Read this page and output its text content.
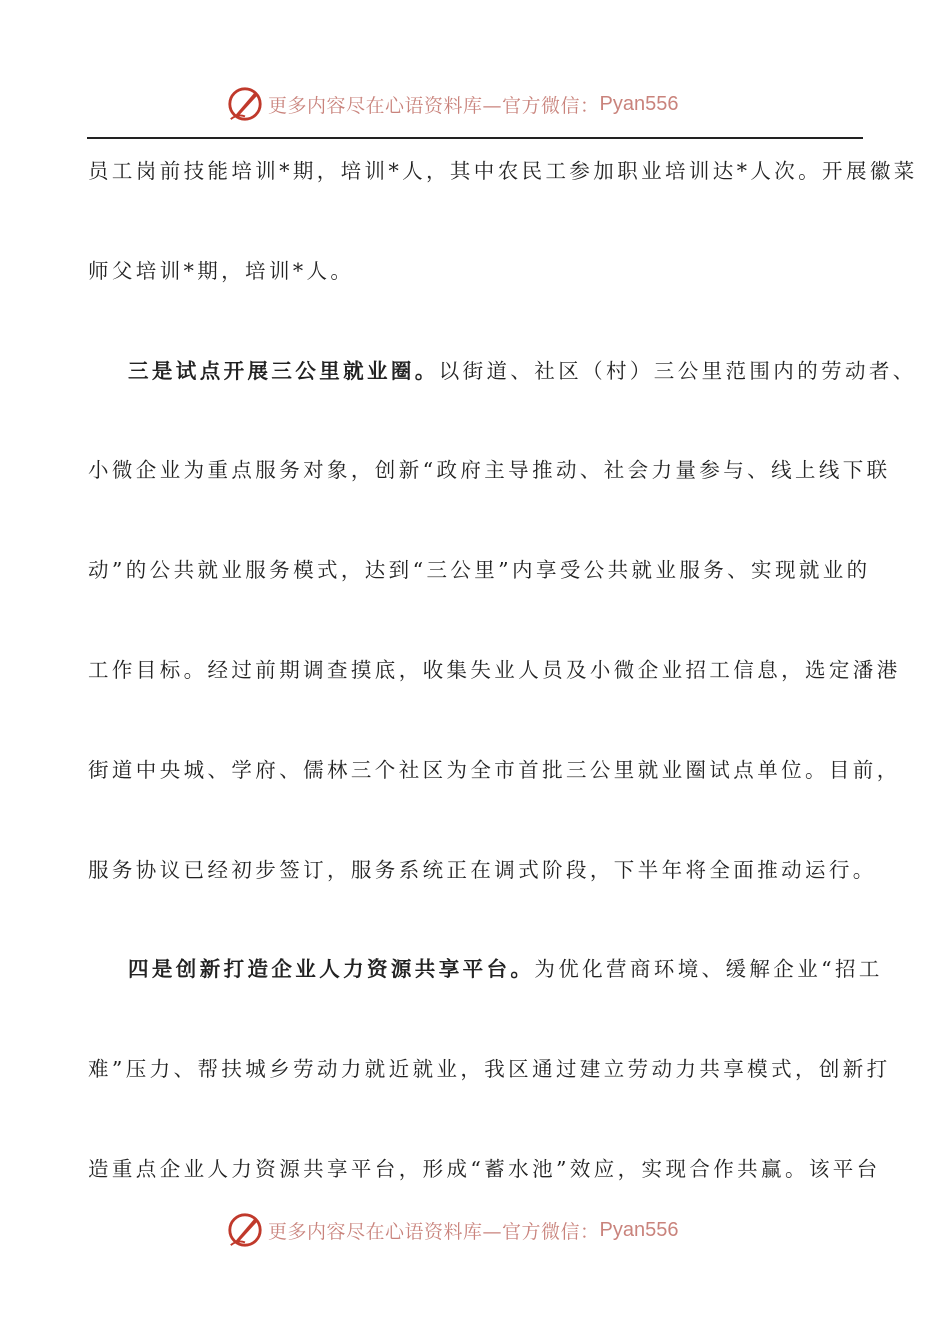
更多内容尽在心语资料库—官方微信： Pyan556
员工岗前技能培训*期，培训*人，其中农民工参加职业培训达*人次。开展徽菜
师父培训*期，培训*人。
三是试点开展三公里就业圈。以街道、社区（村）三公里范围内的劳动者、
小微企业为重点服务对象，创新“政府主导推动、社会力量参与、线上线下联
动”的公共就业服务模式，达到“三公里”内享受公共就业服务、实现就业的
工作目标。经过前期调查摸底，收集失业人员及小微企业招工信息，选定潘港
街道中央城、学府、儒林三个社区为全市首批三公里就业圈试点单位。目前，
服务协议已经初步签订，服务系统正在调式阶段，下半年将全面推动运行。
四是创新打造企业人力资源共享平台。为优化营商环境、缓解企业“招工
难”压力、帮扶城乡劳动力就近就业，我区通过建立劳动力共享模式，创新打
造重点企业人力资源共享平台，形成“蓄水池”效应，实现合作共赢。该平台
更多内容尽在心语资料库—官方微信： Pyan556
